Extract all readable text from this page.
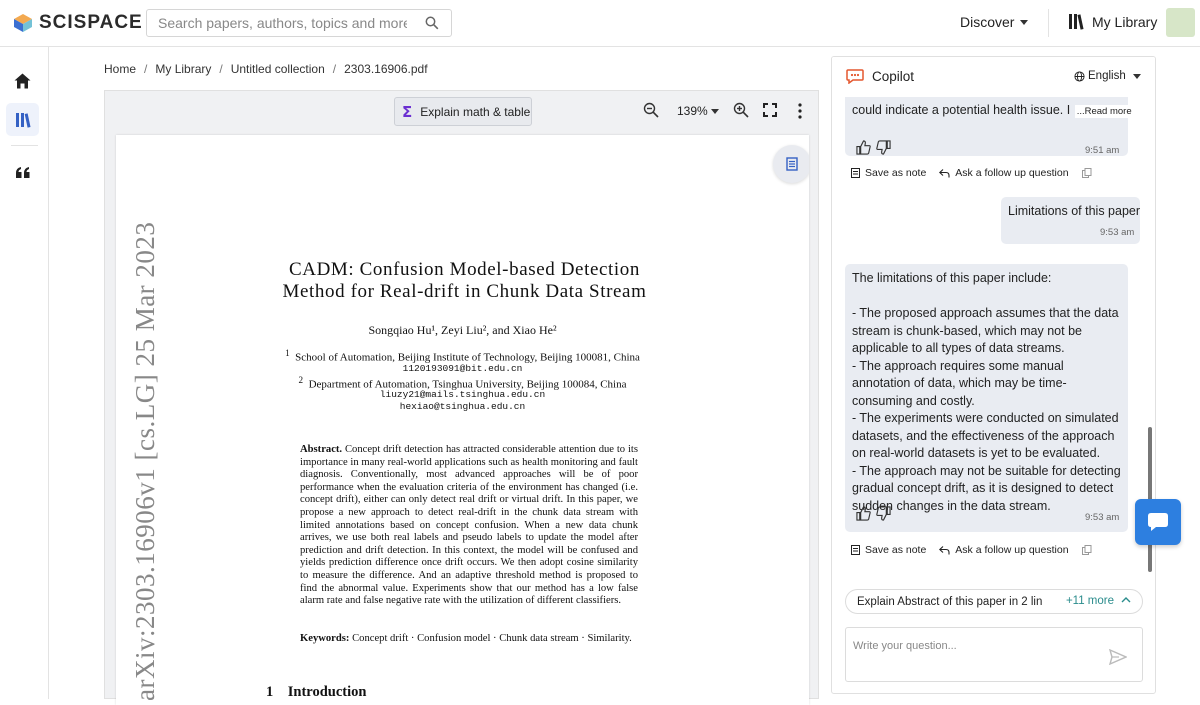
SCISPACE
Search papers, authors, topics and more	Discover	My Library
Home / My Library / Untitled collection / 2303.16906.pdf
Σ Explain math & table	139%
CADM: Confusion Model-based Detection
Method for Real-drift in Chunk Data Stream
Songqiao Hu¹, Zeyi Liu², and Xiao He²
$^1$ School of Automation, Beijing Institute of Technology, Beijing 100081, China
1120193091@bit.edu.cn
$^2$ Department of Automation, Tsinghua University, Beijing 100084, China
liuzy21@mails.tsinghua.edu.cn
hexiao@tsinghua.edu.cn
Abstract. Concept drift detection has attracted considerable attention due to its importance in many real-world applications such as health monitoring and fault diagnosis. Conventionally, most advanced approaches will be of poor performance when the evaluation criteria of the environment has changed (i.e. concept drift), either can only detect real drift or virtual drift. In this paper, we propose a new approach to detect real-drift in the chunk data stream with limited annotations based on concept confusion. When a new data chunk arrives, we use both real labels and pseudo labels to update the model after prediction and drift detection. In this context, the model will be confused and yields prediction difference once drift occurs. We then adopt cosine similarity to measure the difference. And an adaptive threshold method is proposed to find the abnormal value. Experiments show that our method has a low false alarm rate and false negative rate with the utilization of different classifiers.
Keywords: Concept drift · Confusion model · Chunk data stream · Similarity.
1 Introduction
arXiv:2303.16906v1 [cs.LG] 25 Mar 2023
Copilot	English
could indicate a potential health issue. I ...Read more
9:51 am
Save as note	Ask a follow up question
Limitations of this paper
9:53 am
The limitations of this paper include:
- The proposed approach assumes that the data stream is chunk-based, which may not be applicable to all types of data streams.
- The approach requires some manual annotation of data, which may be time-consuming and costly.
- The experiments were conducted on simulated datasets, and the effectiveness of the approach on real-world datasets is yet to be evaluated.
- The approach may not be suitable for detecting gradual concept drift, as it is designed to detect sudden changes in the data stream.
9:53 am
Save as note	Ask a follow up question
Explain Abstract of this paper in 2 lin +11 more
Write your question...
